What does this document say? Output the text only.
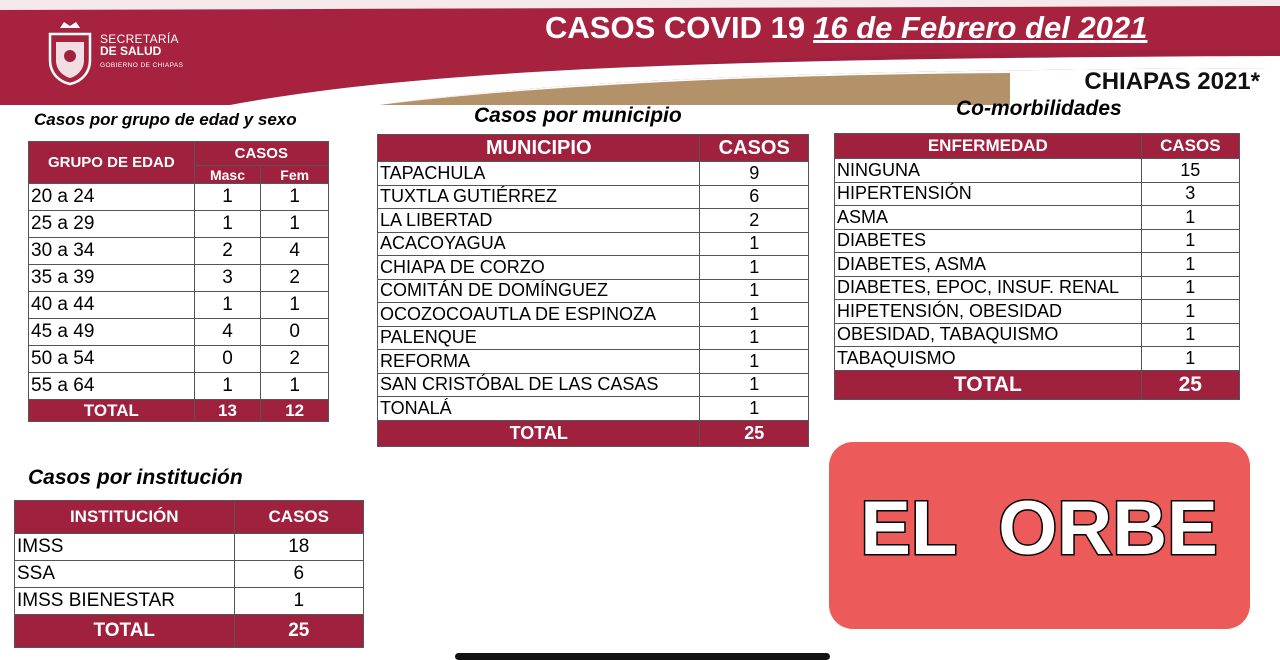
SECRETARÍA
DE SALUD
GOBIERNO DE CHIAPAS
CASOS COVID 19 16 de Febrero del 2021
CHIAPAS 2021*
Casos por grupo de edad y sexo
GRUPO DE EDAD	CASOS	
	Masc	Fem
20 a 24	1	1
25 a 29	1	1
30 a 34	2	4
35 a 39	3	2
40 a 44	1	1
45 a 49	4	0
50 a 54	0	2
55 a 64	1	1
TOTAL	13	12
Casos por municipio
MUNICIPIO	CASOS
TAPACHULA	9
TUXTLA GUTIÉRREZ	6
LA LIBERTAD	2
ACACOYAGUA	1
CHIAPA DE CORZO	1
COMITÁN DE DOMÍNGUEZ	1
OCOZOCOAUTLA DE ESPINOZA	1
PALENQUE	1
REFORMA	1
SAN CRISTÓBAL DE LAS CASAS	1
TONALÁ	1
TOTAL	25
Co-morbilidades
ENFERMEDAD	CASOS
NINGUNA	15
HIPERTENSIÓN	3
ASMA	1
DIABETES	1
DIABETES, ASMA	1
DIABETES, EPOC, INSUF. RENAL	1
HIPETENSIÓN, OBESIDAD	1
OBESIDAD, TABAQUISMO	1
TABAQUISMO	1
TOTAL	25
Casos por institución
INSTITUCIÓN	CASOS
IMSS	18
SSA	6
IMSS BIENESTAR	1
TOTAL	25
EL  ORBE
